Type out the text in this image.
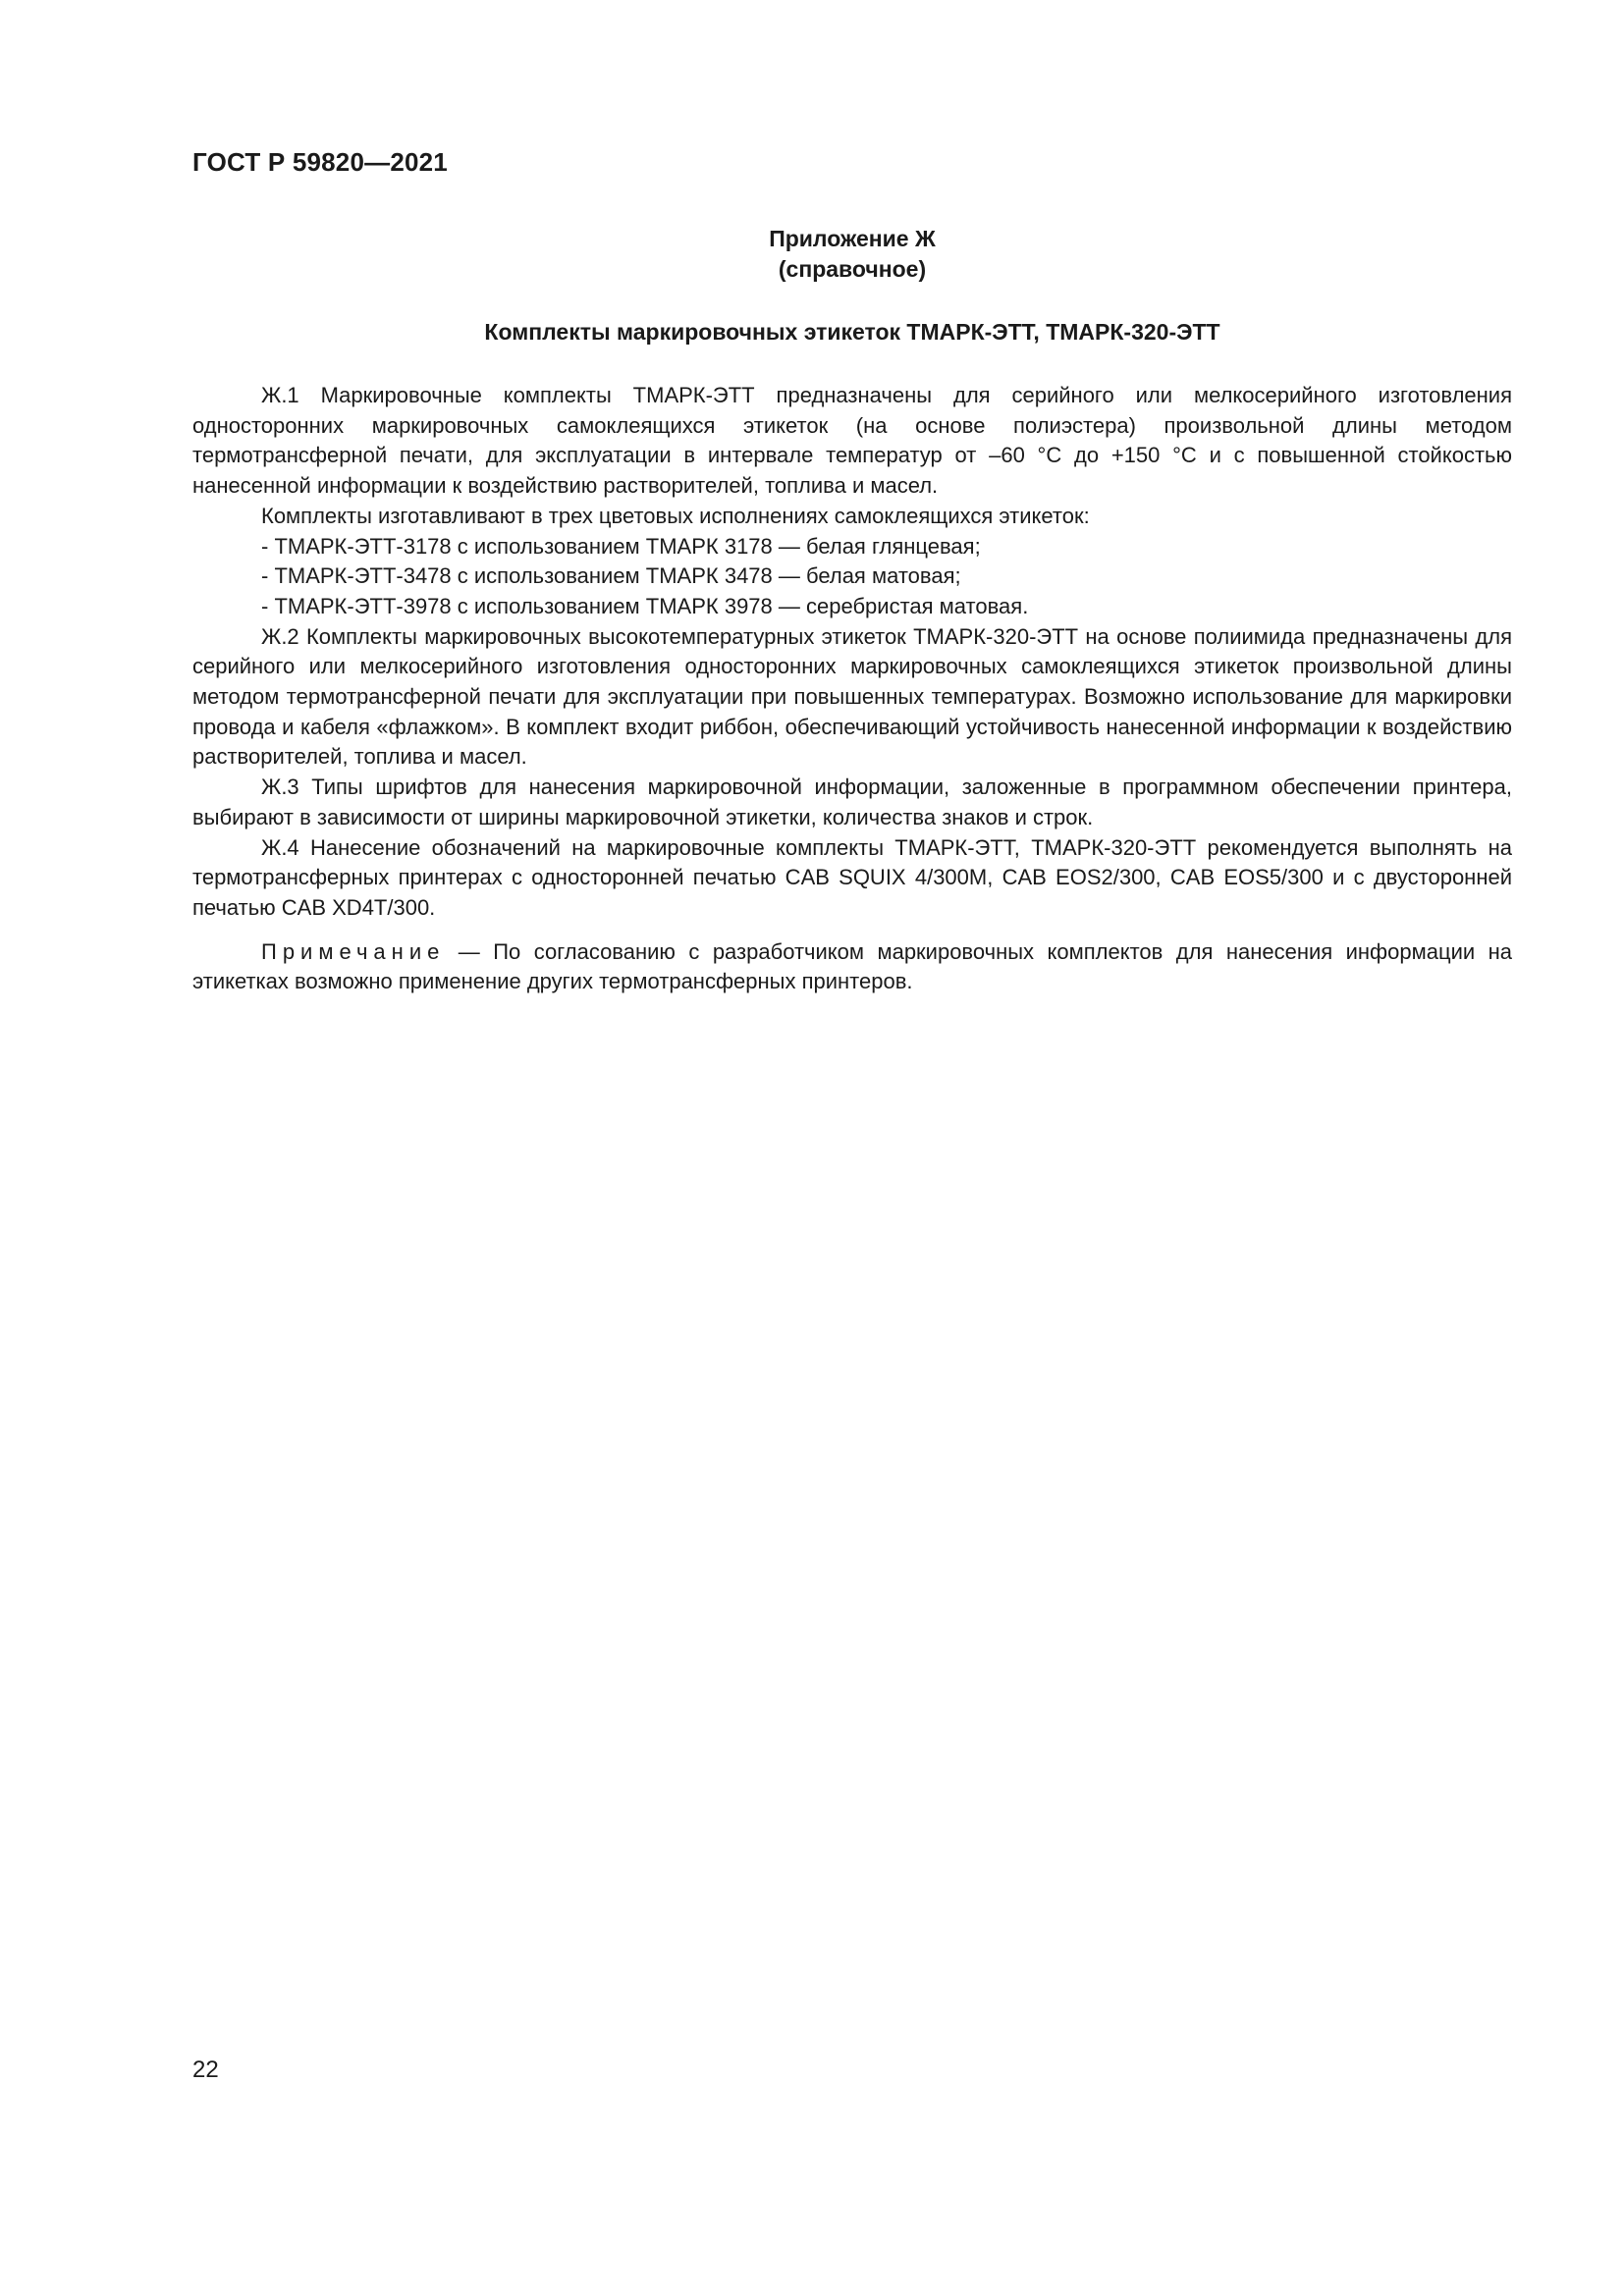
ГОСТ Р 59820—2021
Приложение Ж
(справочное)
Комплекты маркировочных этикеток ТМАРК-ЭТТ, ТМАРК-320-ЭТТ

Ж.1 Маркировочные комплекты ТМАРК-ЭТТ предназначены для серийного или мелкосерийного изготовления односторонних маркировочных самоклеящихся этикеток (на основе полиэстера) произвольной длины методом термотрансферной печати, для эксплуатации в интервале температур от –60 °С до +150 °С и с повышенной стойкостью нанесенной информации к воздействию растворителей, топлива и масел.

Комплекты изготавливают в трех цветовых исполнениях самоклеящихся этикеток:

- ТМАРК-ЭТТ-3178 с использованием ТМАРК 3178 — белая глянцевая;

- ТМАРК-ЭТТ-3478 с использованием ТМАРК 3478 — белая матовая;

- ТМАРК-ЭТТ-3978 с использованием ТМАРК 3978 — серебристая матовая.

Ж.2 Комплекты маркировочных высокотемпературных этикеток ТМАРК-320-ЭТТ на основе полиимида предназначены для серийного или мелкосерийного изготовления односторонних маркировочных самоклеящихся этикеток произвольной длины методом термотрансферной печати для эксплуатации при повышенных температурах. Возможно использование для маркировки провода и кабеля «флажком». В комплект входит риббон, обеспечивающий устойчивость нанесенной информации к воздействию растворителей, топлива и масел.

Ж.3 Типы шрифтов для нанесения маркировочной информации, заложенные в программном обеспечении принтера, выбирают в зависимости от ширины маркировочной этикетки, количества знаков и строк.

Ж.4 Нанесение обозначений на маркировочные комплекты ТМАРК-ЭТТ, ТМАРК-320-ЭТТ рекомендуется выполнять на термотрансферных принтерах с односторонней печатью CAB SQUIX 4/300M, CAB EOS2/300, CAB EOS5/300 и с двусторонней печатью CAB XD4T/300.

Примечание — По согласованию с разработчиком маркировочных комплектов для нанесения информации на этикетках возможно применение других термотрансферных принтеров.

22
